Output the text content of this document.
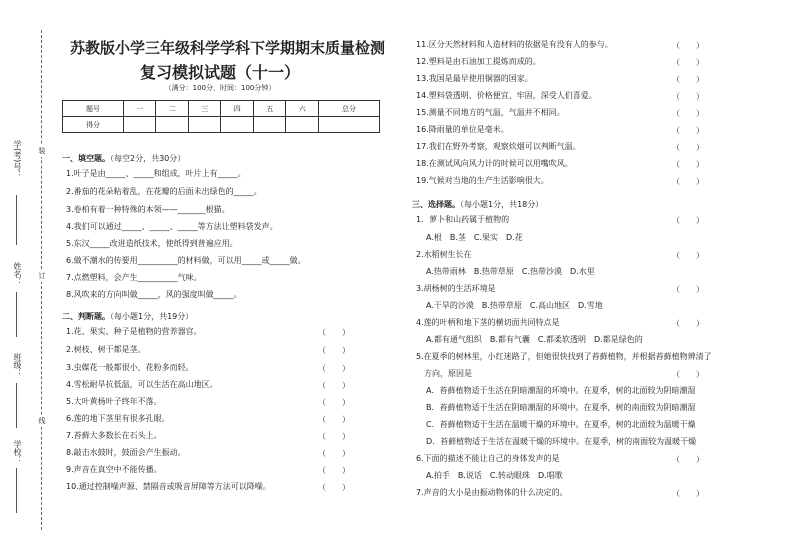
装
订
线
学(考)号：
姓名：
班级：
学校：
苏教版小学三年级科学学科下学期期末质量检测
复习模拟试题（十一）
（满分：100分，时间：100分钟）
题号	一	二	三	四	五	六	总分
得分							
一、填空题。（每空2分，共30分）
1.叶子是由_____、_____和组成，叶片上有_____。
2.番茄的花朵粘着乱，在花瓣的后面未出绿色的_____。
3.卷柏有着一种特殊的本领——_______根猫。
4.我们可以通过_____、_____、_____等方法让塑料袋发声。
5.东汉_____改进造纸技术，使纸得到普遍应用。
6.做不潮水的传要用__________的材料做，可以用_____或_____做。
7.点燃塑料，会产生__________气味。
8.风吹来的方向叫做_____，风的强度叫做_____。
二、判断题。（每小题1分，共19分）
1.花、果实、种子是植物的营养器官。	（　　）
2.树枝、树干都是茎。	（　　）
3.虫媒花一般都很小，花粉多而轻。	（　　）
4.雪松耐旱抗低温，可以生活在高山地区。	（　　）
5.大叶黄杨叶子终年不落。	（　　）
6.莲的地下茎里有很多孔眼。	（　　）
7.苔藓大多数长在石头上。	（　　）
8.敲击水鼓时，鼓面会产生振动。	（　　）
9.声音在真空中不能传播。	（　　）
10.通过控制噪声源、禁隔音或吸音屏障等方法可以降噪。	（　　）
11.区分天然材料和人造材料的依据是有没有人的参与。	（　　）
12.塑料是由石油加工提炼而成的。	（　　）
13.我国是最早使用铜器的国家。	（　　）
14.塑料袋透明、价格便宜、牢固，深受人们喜爱。	（　　）
15.测量不同地方的气温，气温并不相同。	（　　）
16.降雨量的单位是毫米。	（　　）
17.我们在野外考察，观察炊烟可以判断气温。	（　　）
18.在测试风向风力计的时候可以用嘴吹风。	（　　）
19.气候对当地的生产生活影响很大。	（　　）
三、选择题。（每小题1分，共18分）
1．萝卜和山药属于植物的	（　　）
A.根　B.茎　C.果实　D.花
2.水稻树生长在	（　　）
A.热带雨林　B.热带草原　C.热带沙漠　D.水里
3.胡杨树的生活环境是	（　　）
A.干旱的沙漠　B.热带草原　C.高山地区　D.雪地
4.莲的叶柄和地下茎的横切面共同特点是	（　　）
A.都有通气组织　B.都有气囊　C.都柔软透明　D.都是绿色的
5.在夏季的树林里，小红迷路了，但她很快找到了苔藓植物，并根据苔藓植物辨清了
方向，原因是	（　　）
A．苔藓植物适于生活在阴暗潮湿的环境中。在夏季，树的北面较为阴暗潮湿
B．苔藓植物适于生活在阴暗潮湿的环境中。在夏季，树的南面较为阴暗潮湿
C．苔藓植物适于生活在温暖干燥的环境中。在夏季，树的北面较为温暖干燥
D．苔藓植物适于生活在温暖干燥的环境中。在夏季，树的南面较为温暖干燥
6.下面的描述不能让自己的身体发声的是	（　　）
A.拍手　B.说话　C.转动眼珠　D.唱歌
7.声音的大小是由振动物体的什么决定的。	（　　）
